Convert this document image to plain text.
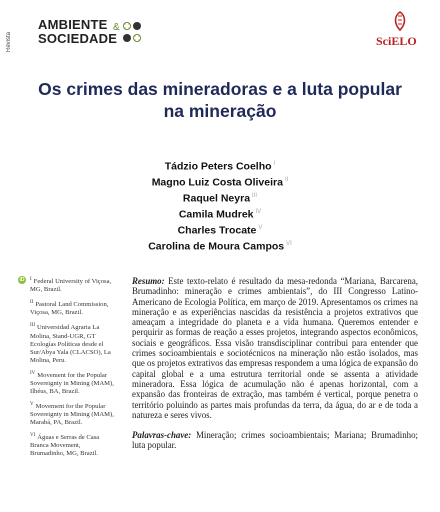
Revista
AMBIENTE &
SOCIEDADE	SciELO
Os crimes das mineradoras e a luta popular na mineração
Tádzio Peters Coelho $^I$
Magno Luiz Costa Oliveira $^{II}$
Raquel Neyra $^{III}$
Camila Mudrek $^{IV}$
Charles Trocate $^V$
Carolina de Moura Campos $^{VI}$
iD	$^I$ Federal University of Viçosa, MG, Brazil.
$^{II}$ Pastoral Land Commission, Viçosa, MG, Brazil.
$^{III}$ Universidad Agraria La Molina, Stand-UGR, GT Ecologías Políticas desde el Sur/Abya Yala (CLACSO), La Molina, Peru.
$^{IV}$ Movement for the Popular Sovereignty in Mining (MAM), Ilhéus, BA, Brazil.
$^V$ Movement for the Popular Sovereignty in Mining (MAM), Marabá, PA, Brazil.
$^{VI}$ Águas e Serras de Casa Branca Movement, Brumadinho, MG, Brazil.
Resumo: Este texto-relato é resultado da mesa-redonda “Mariana, Barcarena, Brumadinho: mineração e crimes ambientais”, do III Congresso Latino-Americano de Ecologia Política, em março de 2019. Apresentamos os crimes na mineração e as experiências nascidas da resistência a projetos extrativos que ameaçam a integridade do planeta e a vida humana. Queremos entender e perquirir as formas de reação a esses projetos, integrando aspectos econômicos, sociais e geográficos. Essa visão transdisciplinar contribui para entender que crimes socioambientais e sociotécnicos na mineração não estão isolados, mas que os projetos extrativos das empresas respondem a uma lógica de expansão do capital global e a uma estrutura territorial onde se assenta a atividade mineradora. Essa lógica de acumulação não é apenas horizontal, com a expansão das fronteiras de extração, mas também é vertical, porque penetra o território poluindo as partes mais profundas da terra, da água, do ar e de toda a natureza e seres vivos.
Palavras-chave: Mineração; crimes socioambientais; Mariana; Brumadinho; luta popular.
